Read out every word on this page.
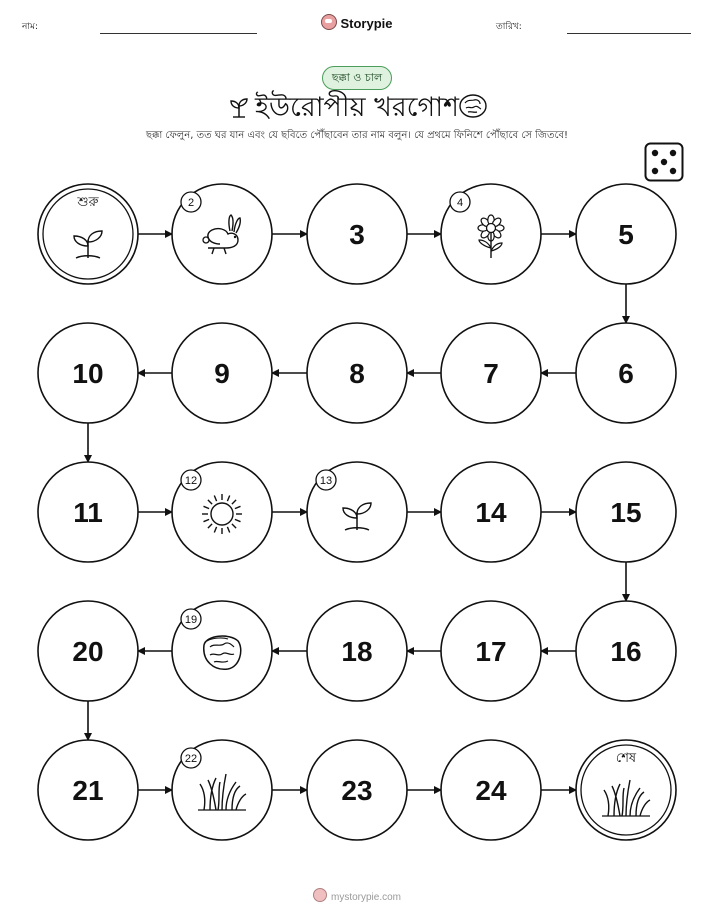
নাম:	Storypie	তারিখ:
ছক্কা ও চাল
ইউরোপীয় খরগোশ
ছক্কা ফেলুন, তত ঘর যান এবং যে ছবিতে পৌঁছাবেন তার নাম বলুন। যে প্রথমে ফিনিশে পৌঁছাবে সে জিতবে!
শুরু	2
3
4
5
6
7
8
9
10
11
12	13
14	15
16
17
18
19
20
21
22
23	24
শেষ
mystorypie.com
